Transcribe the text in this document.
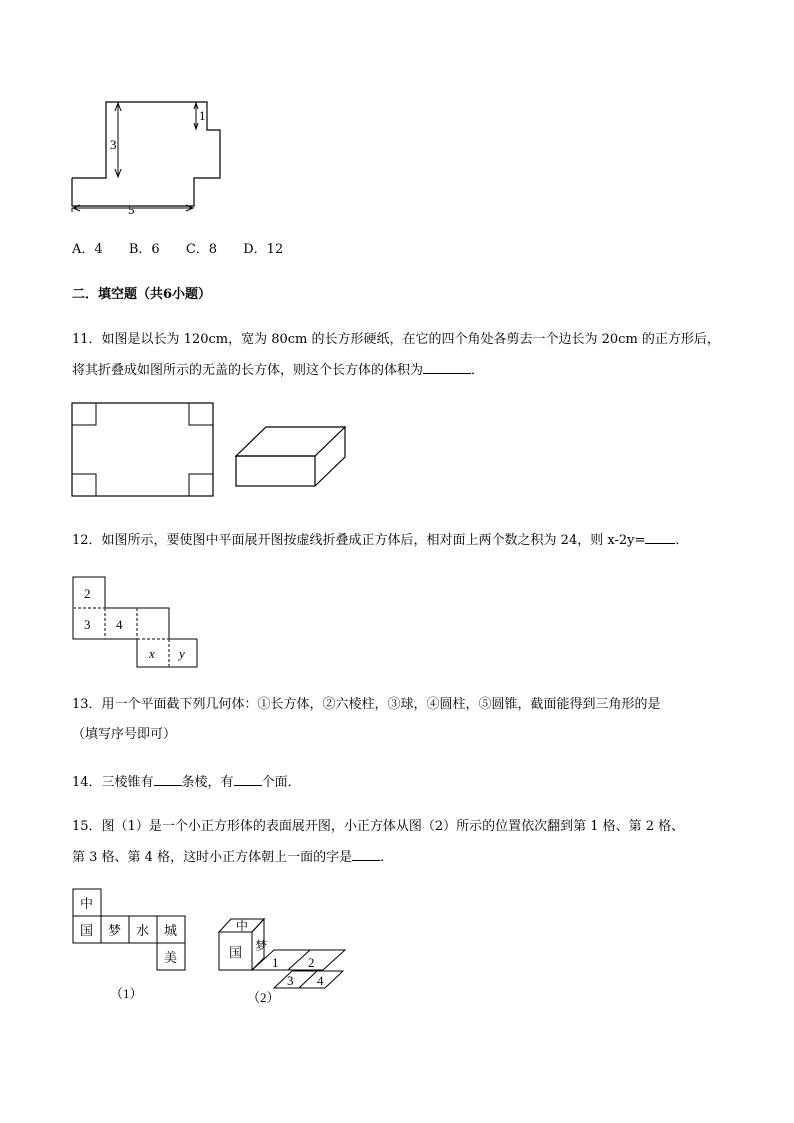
3
1
5
A．4 B．6 C．8 D．12
二．填空题（共6小题）
11．如图是以长为 120cm，宽为 80cm 的长方形硬纸，在它的四个角处各剪去一个边长为 20cm 的正方形后，
将其折叠成如图所示的无盖的长方体，则这个长方体的体积为	．
12．如图所示，要使图中平面展开图按虚线折叠成正方体后，相对面上两个数之积为 24，则 x-2y= ．
2
3 4
x y
13．用一个平面截下列几何体：①长方体，②六棱柱，③球，④圆柱，⑤圆锥，截面能得到三角形的是
（填写序号即可）
14．三棱锥有 条棱，有 个面．
15．图（1）是一个小正方形体的表面展开图，小正方体从图（2）所示的位置依次翻到第 1 格、第 2 格、
第 3 格、第 4 格，这时小正方体朝上一面的字是 ．
中
国 梦 水 城
美
（1）
中
国 梦
1 2
3 4
（2）
